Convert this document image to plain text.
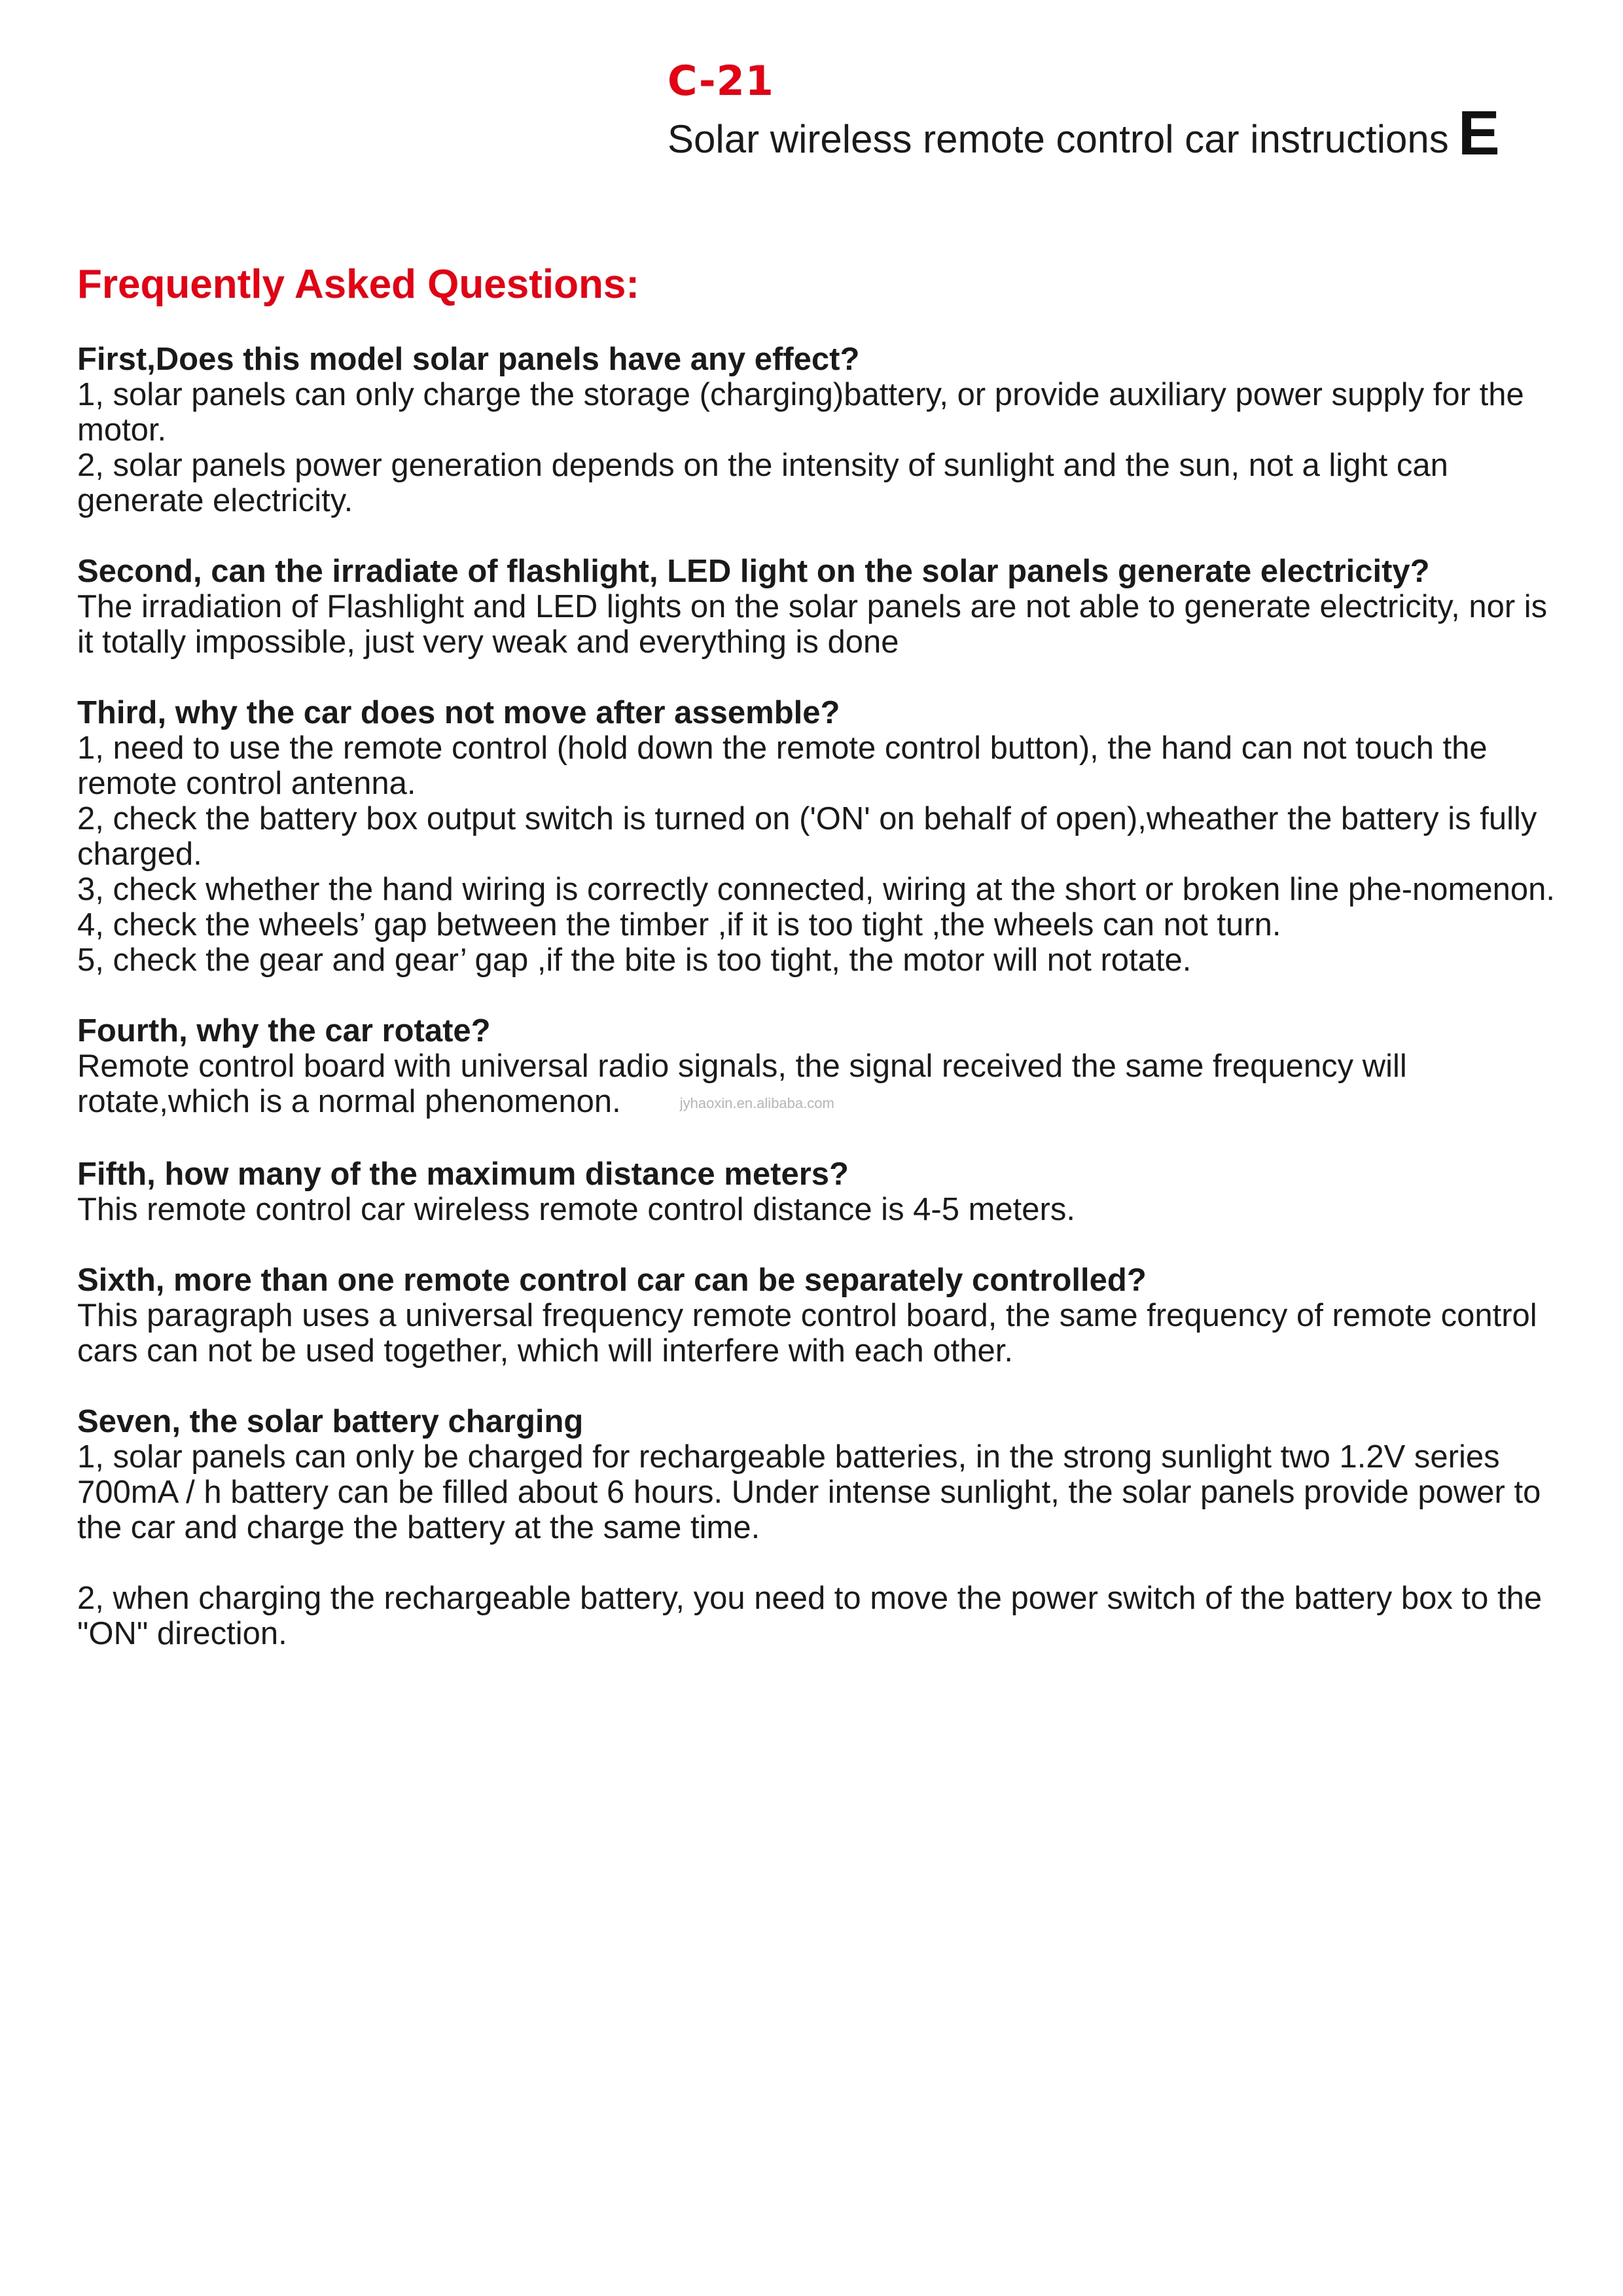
C-21
Solar wireless remote control car instructions E
Frequently Asked Questions:

First,Does this model solar panels have any effect?

1, solar panels can only charge the storage (charging)battery, or provide auxiliary power supply for the motor.

2, solar panels power generation depends on the intensity of sunlight and the sun, not a light can generate electricity.

Second, can the irradiate of flashlight, LED light on the solar panels generate electricity?

The irradiation of Flashlight and LED lights on the solar panels are not able to generate electricity, nor is it totally impossible, just very weak and everything is done

Third, why the car does not move after assemble?

1, need to use the remote control (hold down the remote control button), the hand can not touch the remote control antenna.

2, check the battery box output switch is turned on ('ON' on behalf of open),wheather the battery is fully charged.

3, check whether the hand wiring is correctly connected, wiring at the short or broken line phe-nomenon.

4, check the wheels’ gap between the timber ,if it is too tight ,the wheels can not turn.

5, check the gear and gear’ gap ,if the bite is too tight, the motor will not rotate.

Fourth, why the car rotate?

Remote control board with universal radio signals, the signal received the same frequency will rotate,which is a normal phenomenon.	jyhaoxin.en.alibaba.com

Fifth, how many of the maximum distance meters?

This remote control car wireless remote control distance is 4-5 meters.

Sixth, more than one remote control car can be separately controlled?

This paragraph uses a universal frequency remote control board, the same frequency of remote control cars can not be used together, which will interfere with each other.

Seven, the solar battery charging

1, solar panels can only be charged for rechargeable batteries, in the strong sunlight two 1.2V series 700mA / h battery can be filled about 6 hours. Under intense sunlight, the solar panels provide power to the car and charge the battery at the same time.

2, when charging the rechargeable battery, you need to move the power switch of the battery box to the "ON" direction.
